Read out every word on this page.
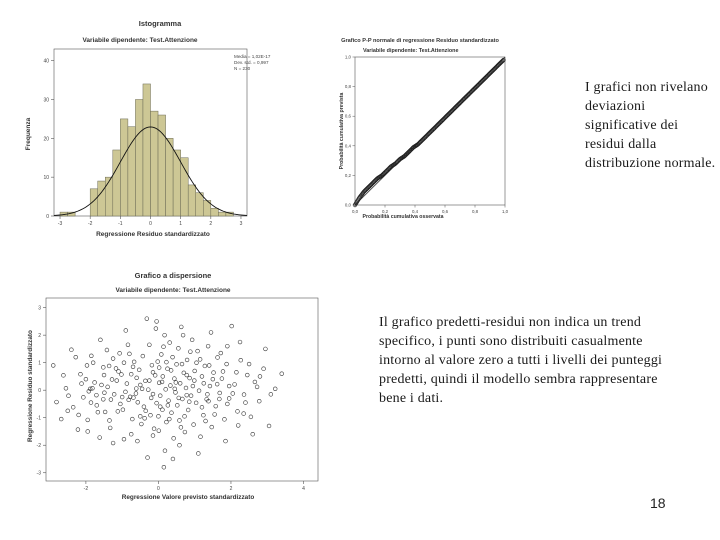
Istogramma
Variabile dipendente: Test.Attenzione
-3	-2	-1	0	1	2	3
0
10
20
30
40
Media = 1,02E-17
Dev. std. = 0,997
N = 230
Frequenza
Regressione Residuo standardizzato
Grafico P-P normale di regressione Residuo standardizzato
Variabile dipendente: Test.Attenzione
0,0	0,2	0,4	0,6	0,8	1,0
0,0
0,2
0,4
0,6
0,8
1,0
Probabilità cumulativa prevista
Probabilità cumulativa osservata
Grafico a dispersione
Variabile dipendente: Test.Attenzione
-2	0	2	4
-3
-2
-1
0
1
2
3
Regressione Residuo standardizzato
Regressione Valore previsto standardizzato

I grafici non rivelano deviazioni significative dei residui dalla distribuzione normale.

Il grafico predetti-residui non indica un trend specifico, i punti sono distribuiti casualmente intorno al valore zero a tutti i livelli dei punteggi predetti, quindi il modello sembra rappresentare bene i dati.

18
